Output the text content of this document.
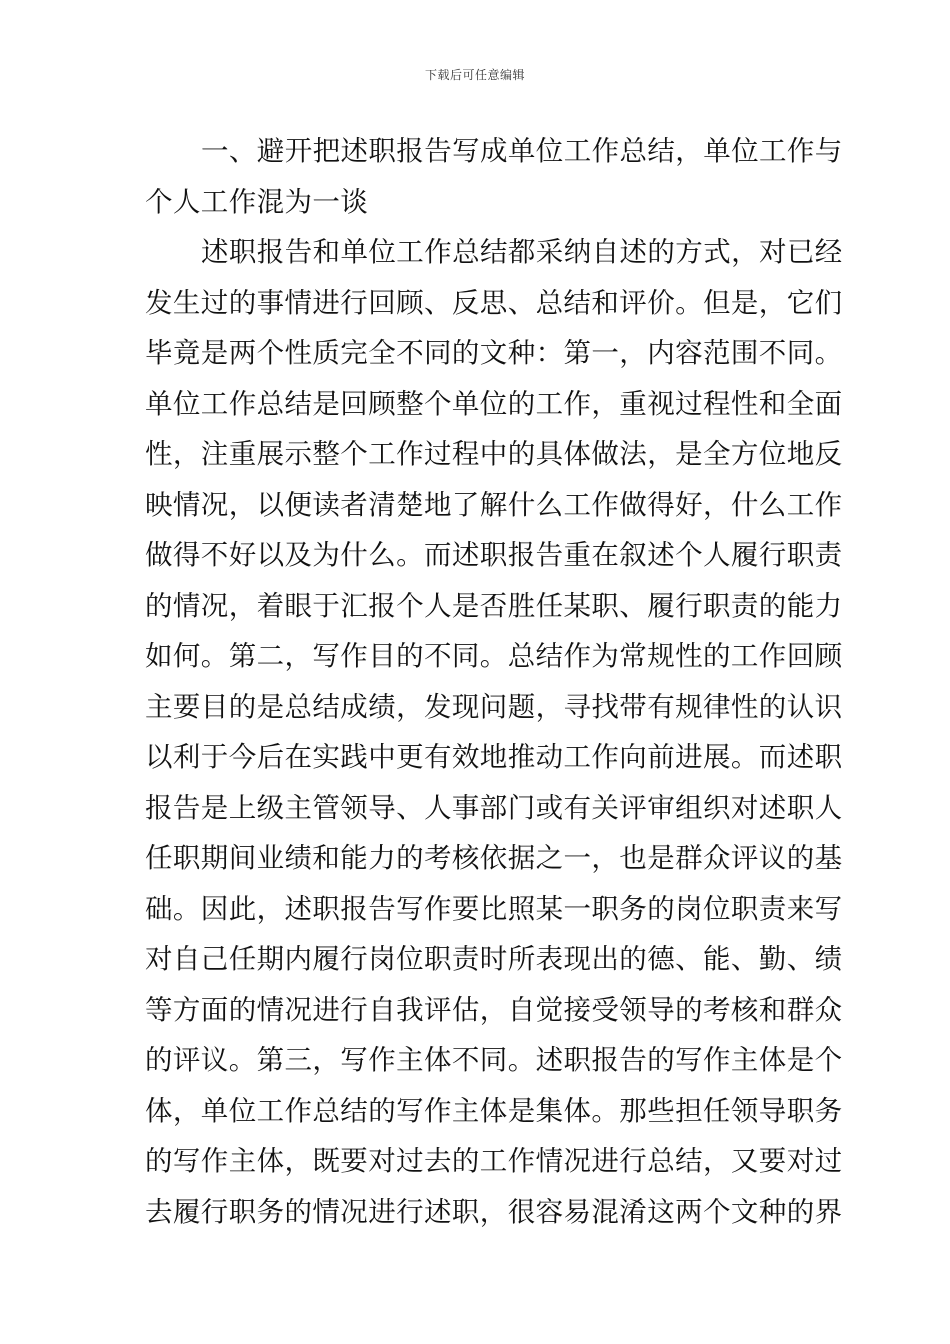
下载后可任意编辑
一、避开把述职报告写成单位工作总结，单位工作与
个人工作混为一谈
述职报告和单位工作总结都采纳自述的方式，对已经
发生过的事情进行回顾、反思、总结和评价。但是，它们
毕竟是两个性质完全不同的文种：第一，内容范围不同。
单位工作总结是回顾整个单位的工作，重视过程性和全面
性，注重展示整个工作过程中的具体做法，是全方位地反
映情况，以便读者清楚地了解什么工作做得好，什么工作
做得不好以及为什么。而述职报告重在叙述个人履行职责
的情况，着眼于汇报个人是否胜任某职、履行职责的能力
如何。第二，写作目的不同。总结作为常规性的工作回顾
主要目的是总结成绩，发现问题，寻找带有规律性的认识
以利于今后在实践中更有效地推动工作向前进展。而述职
报告是上级主管领导、人事部门或有关评审组织对述职人
任职期间业绩和能力的考核依据之一，也是群众评议的基
础。因此，述职报告写作要比照某一职务的岗位职责来写
对自己任期内履行岗位职责时所表现出的德、能、勤、绩
等方面的情况进行自我评估，自觉接受领导的考核和群众
的评议。第三，写作主体不同。述职报告的写作主体是个
体，单位工作总结的写作主体是集体。那些担任领导职务
的写作主体，既要对过去的工作情况进行总结，又要对过
去履行职务的情况进行述职，很容易混淆这两个文种的界
